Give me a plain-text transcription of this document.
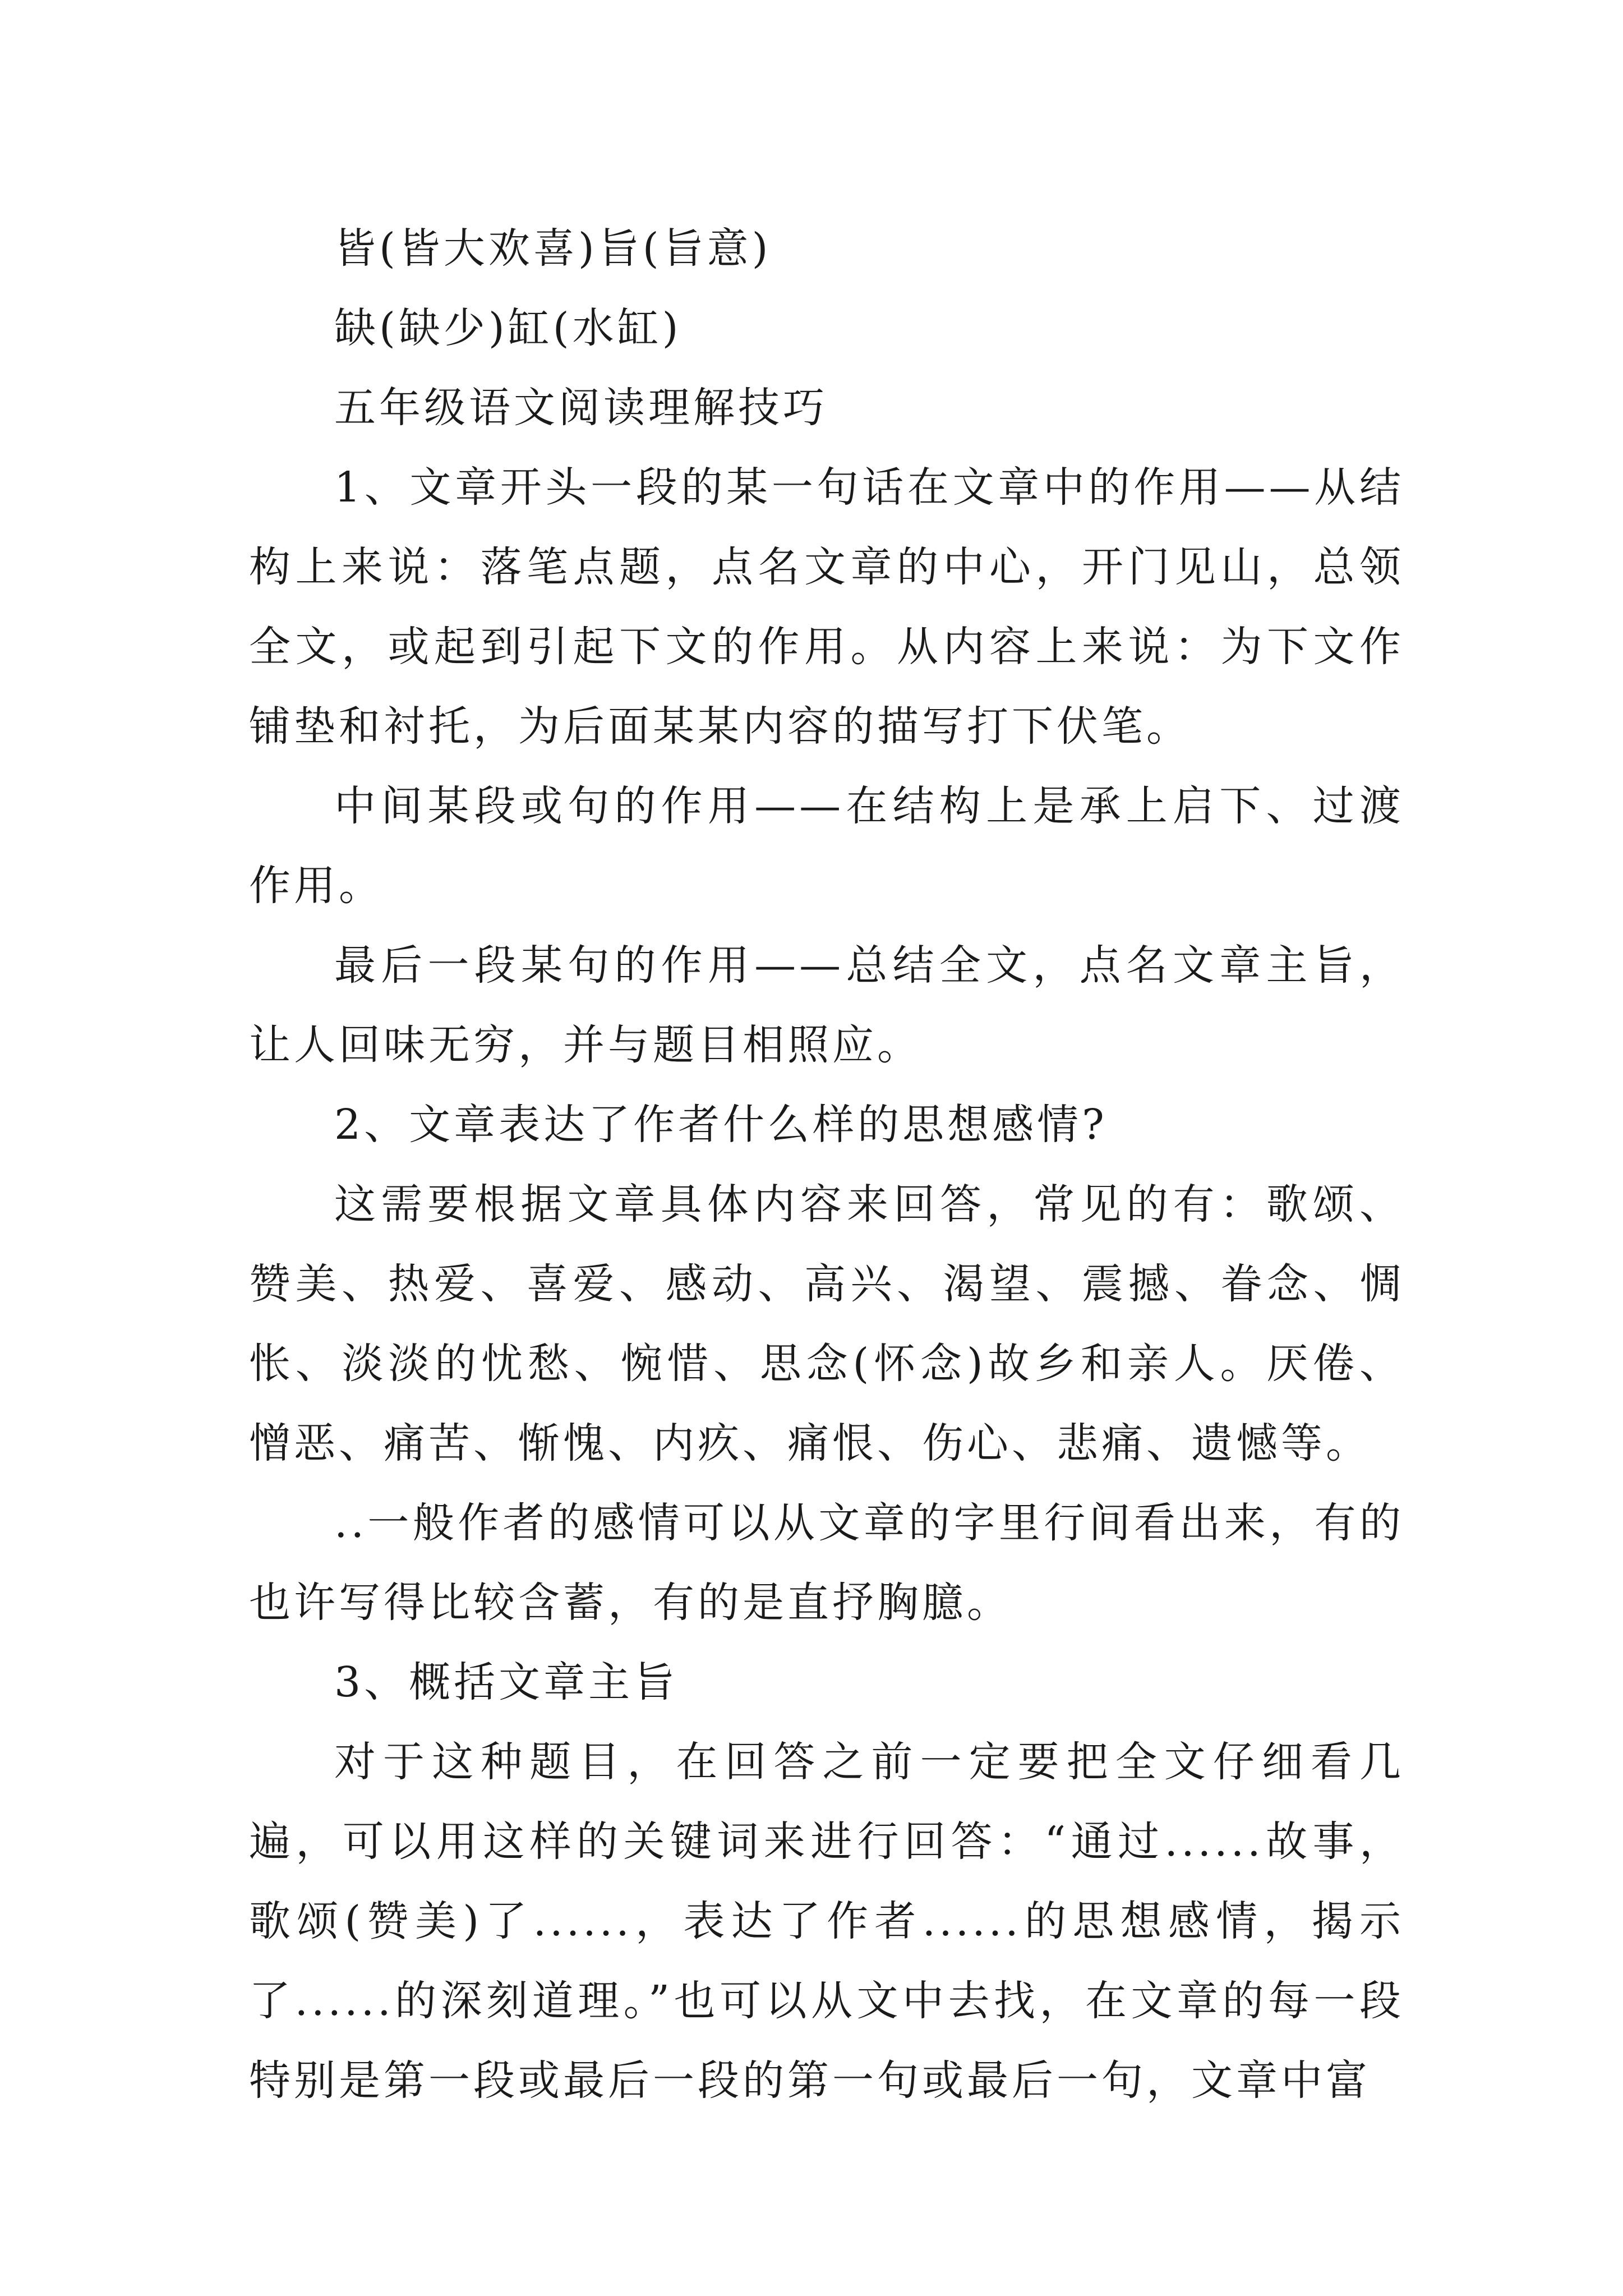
皆(皆大欢喜)旨(旨意)

缺(缺少)缸(水缸)

五年级语文阅读理解技巧

1、文章开头一段的某一句话在文章中的作用——从结构上来说：落笔点题，点名文章的中心，开门见山，总领全文，或起到引起下文的作用。从内容上来说：为下文作铺垫和衬托，为后面某某内容的描写打下伏笔。

中间某段或句的作用——在结构上是承上启下、过渡作用。

最后一段某句的作用——总结全文，点名文章主旨，让人回味无穷，并与题目相照应。

2、文章表达了作者什么样的思想感情?

这需要根据文章具体内容来回答，常见的有：歌颂、赞美、热爱、喜爱、感动、高兴、渴望、震撼、眷念、惆怅、淡淡的忧愁、惋惜、思念(怀念)故乡和亲人。厌倦、憎恶、痛苦、惭愧、内疚、痛恨、伤心、悲痛、遗憾等。

..一般作者的感情可以从文章的字里行间看出来，有的也许写得比较含蓄，有的是直抒胸臆。

3、概括文章主旨

对于这种题目，在回答之前一定要把全文仔细看几遍，可以用这样的关键词来进行回答：“通过......故事，歌颂(赞美)了......，表达了作者......的思想感情，揭示了......的深刻道理。”也可以从文中去找，在文章的每一段特别是第一段或最后一段的第一句或最后一句，文章中富
